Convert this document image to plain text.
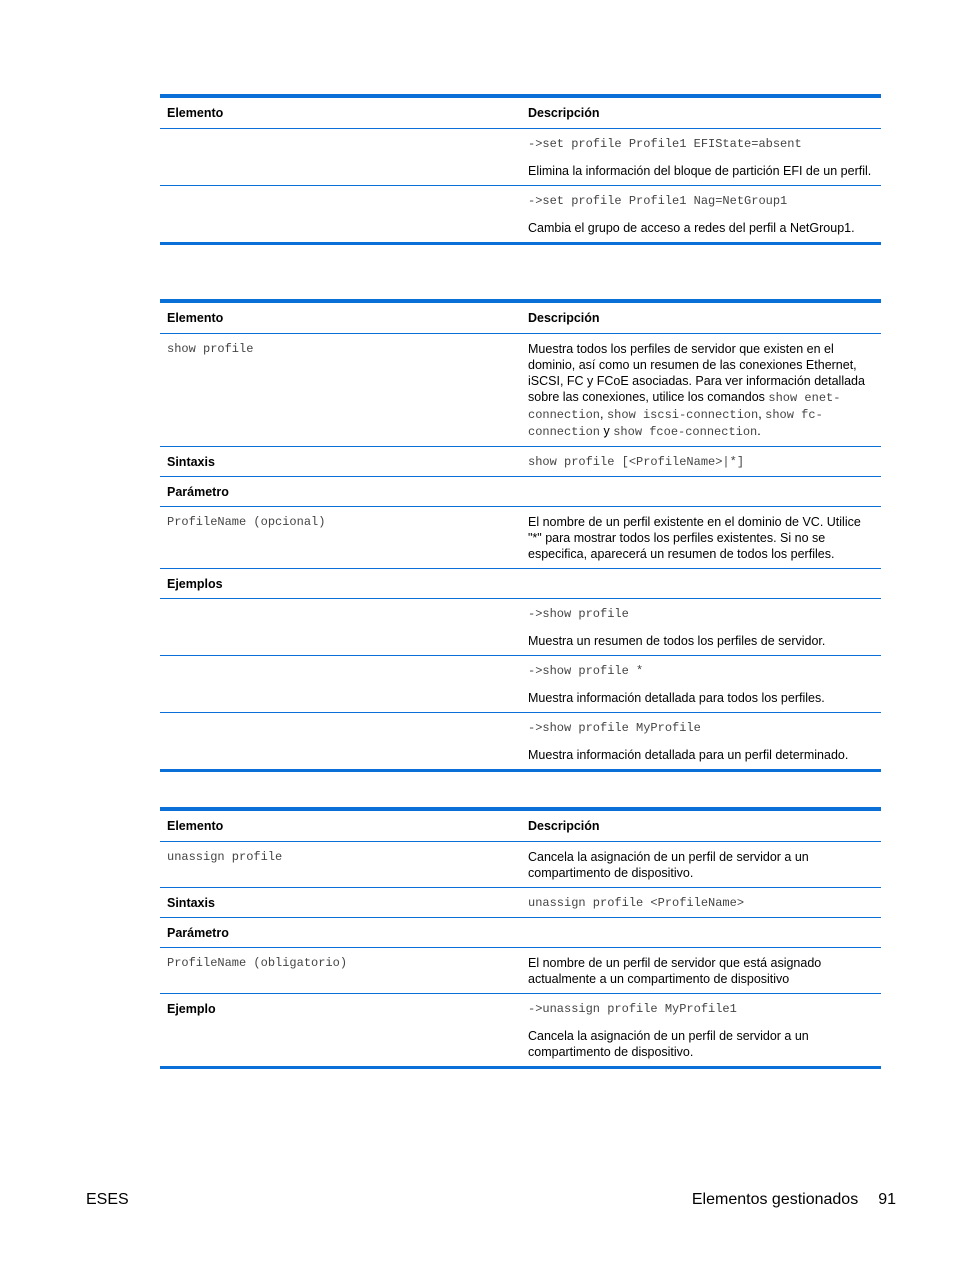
Elemento	Descripción

	->set profile Profile1 EFIState=absent
Elimina la información del bloque de partición EFI de un perfil.

	->set profile Profile1 Nag=NetGroup1
Cambia el grupo de acceso a redes del perfil a NetGroup1.
Elemento	Descripción
show profile	Muestra todos los perfiles de servidor que existen en el dominio, así como un resumen de las conexiones Ethernet, iSCSI, FC y FCoE asociadas. Para ver información detallada sobre las conexiones, utilice los comandos show enet-connection, show iscsi-connection, show fc-connection y show fcoe-connection.
Sintaxis	show profile [<ProfileName>|*]
Parámetro	
ProfileName (opcional)	El nombre de un perfil existente en el dominio de VC. Utilice "*" para mostrar todos los perfiles existentes. Si no se especifica, aparecerá un resumen de todos los perfiles.
Ejemplos	

	->show profile
Muestra un resumen de todos los perfiles de servidor.

	->show profile *
Muestra información detallada para todos los perfiles.

	->show profile MyProfile
Muestra información detallada para un perfil determinado.
Elemento	Descripción
unassign profile	Cancela la asignación de un perfil de servidor a un compartimento de dispositivo.
Sintaxis	unassign profile <ProfileName>
Parámetro	
ProfileName (obligatorio)	El nombre de un perfil de servidor que está asignado actualmente a un compartimento de dispositivo
Ejemplo	->unassign profile MyProfile1
Cancela la asignación de un perfil de servidor a un compartimento de dispositivo.
ESES	Elementos gestionados 91
